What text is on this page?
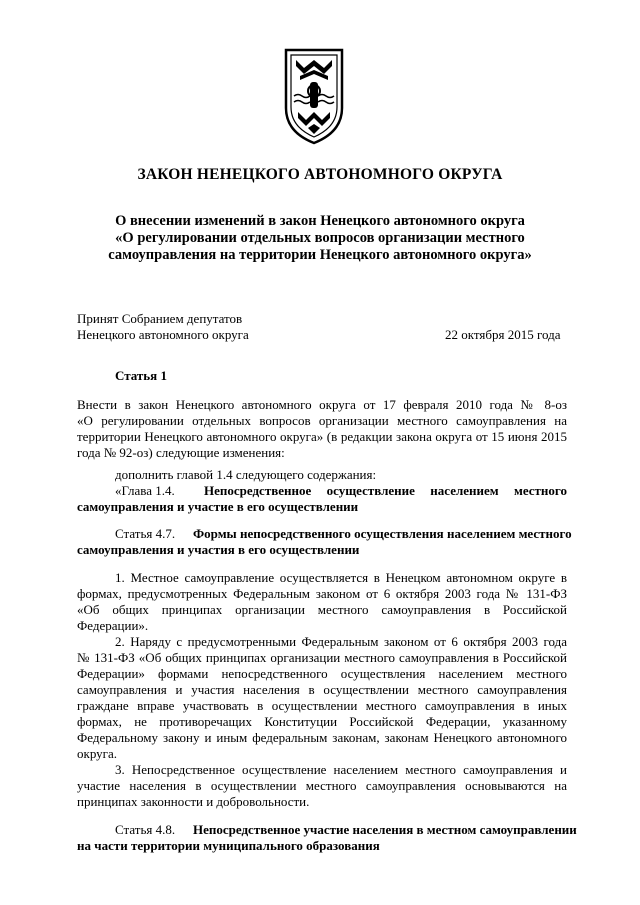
ЗАКОН НЕНЕЦКОГО АВТОНОМНОГО ОКРУГА
О внесении изменений в закон Ненецкого автономного округа
«О регулировании отдельных вопросов организации местного
самоуправления на территории Ненецкого автономного округа»
Принят Собранием депутатов
Ненецкого автономного округа	22 октября 2015 года
Статья 1
Внести в закон Ненецкого автономного округа от 17 февраля 2010 года № 8-оз
«О регулировании отдельных вопросов организации местного самоуправления на
территории Ненецкого автономного округа» (в редакции закона округа от 15 июня 2015
года № 92-оз) следующие изменения:
дополнить главой 1.4 следующего содержания:
«Глава 1.4. Непосредственное осуществление населением местного
самоуправления и участие в его осуществлении
Статья 4.7. Формы непосредственного осуществления населением местного
самоуправления и участия в его осуществлении
1. Местное самоуправление осуществляется в Ненецком автономном округе в
формах, предусмотренных Федеральным законом от 6 октября 2003 года № 131-ФЗ
«Об общих принципах организации местного самоуправления в Российской
Федерации».
2. Наряду с предусмотренными Федеральным законом от 6 октября 2003 года
№ 131-ФЗ «Об общих принципах организации местного самоуправления в Российской
Федерации» формами непосредственного осуществления населением местного
самоуправления и участия населения в осуществлении местного самоуправления
граждане вправе участвовать в осуществлении местного самоуправления в иных
формах, не противоречащих Конституции Российской Федерации, указанному
Федеральному закону и иным федеральным законам, законам Ненецкого автономного
округа.
3. Непосредственное осуществление населением местного самоуправления и
участие населения в осуществлении местного самоуправления основываются на
принципах законности и добровольности.
Статья 4.8. Непосредственное участие населения в местном самоуправлении
на части территории муниципального образования
